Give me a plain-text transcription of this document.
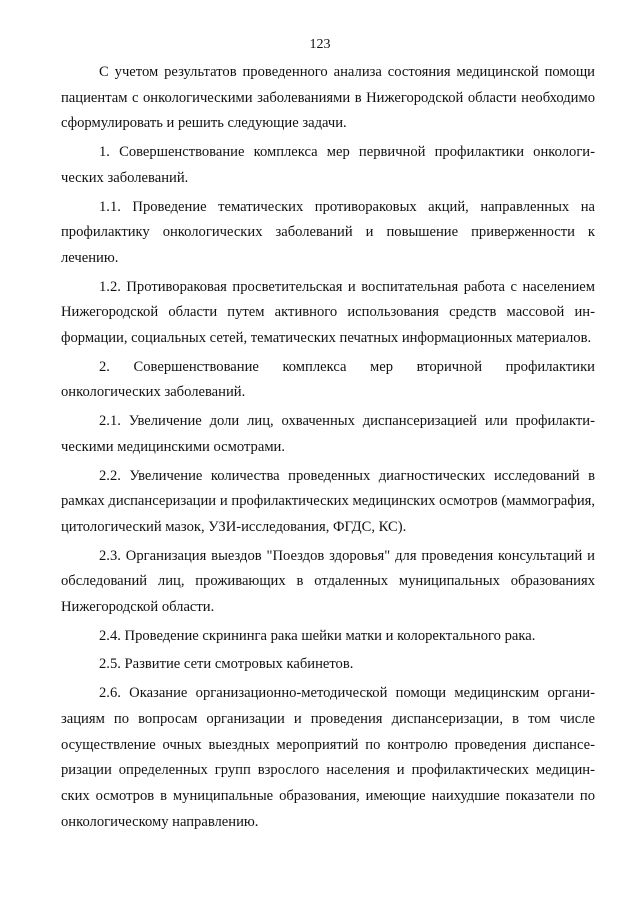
123

С учетом результатов проведенного анализа состояния медицинской помощи пациентам с онкологическими заболеваниями в Нижегородской области необходимо сформулировать и решить следующие задачи.

1. Совершенствование комплекса мер первичной профилактики онкологических заболеваний.

1.1. Проведение тематических противораковых акций, направленных на профилактику онкологических заболеваний и повышение приверженности к лечению.

1.2. Противораковая просветительская и воспитательная работа с населением Нижегородской области путем активного использования средств массовой информации, социальных сетей, тематических печатных информационных материалов.

2. Совершенствование комплекса мер вторичной профилактики онкологических заболеваний.

2.1. Увеличение доли лиц, охваченных диспансеризацией или профилактическими медицинскими осмотрами.

2.2. Увеличение количества проведенных диагностических исследований в рамках диспансеризации и профилактических медицинских осмотров (маммография, цитологический мазок, УЗИ-исследования, ФГДС, КС).

2.3. Организация выездов "Поездов здоровья" для проведения консультаций и обследований лиц, проживающих в отдаленных муниципальных образованиях Нижегородской области.

2.4. Проведение скрининга рака шейки матки и колоректального рака.

2.5. Развитие сети смотровых кабинетов.

2.6. Оказание организационно-методической помощи медицинским организациям по вопросам организации и проведения диспансеризации, в том числе осуществление очных выездных мероприятий по контролю проведения диспансеризации определенных групп взрослого населения и профилактических медицинских осмотров в муниципальные образования, имеющие наихудшие показатели по онкологическому направлению.
